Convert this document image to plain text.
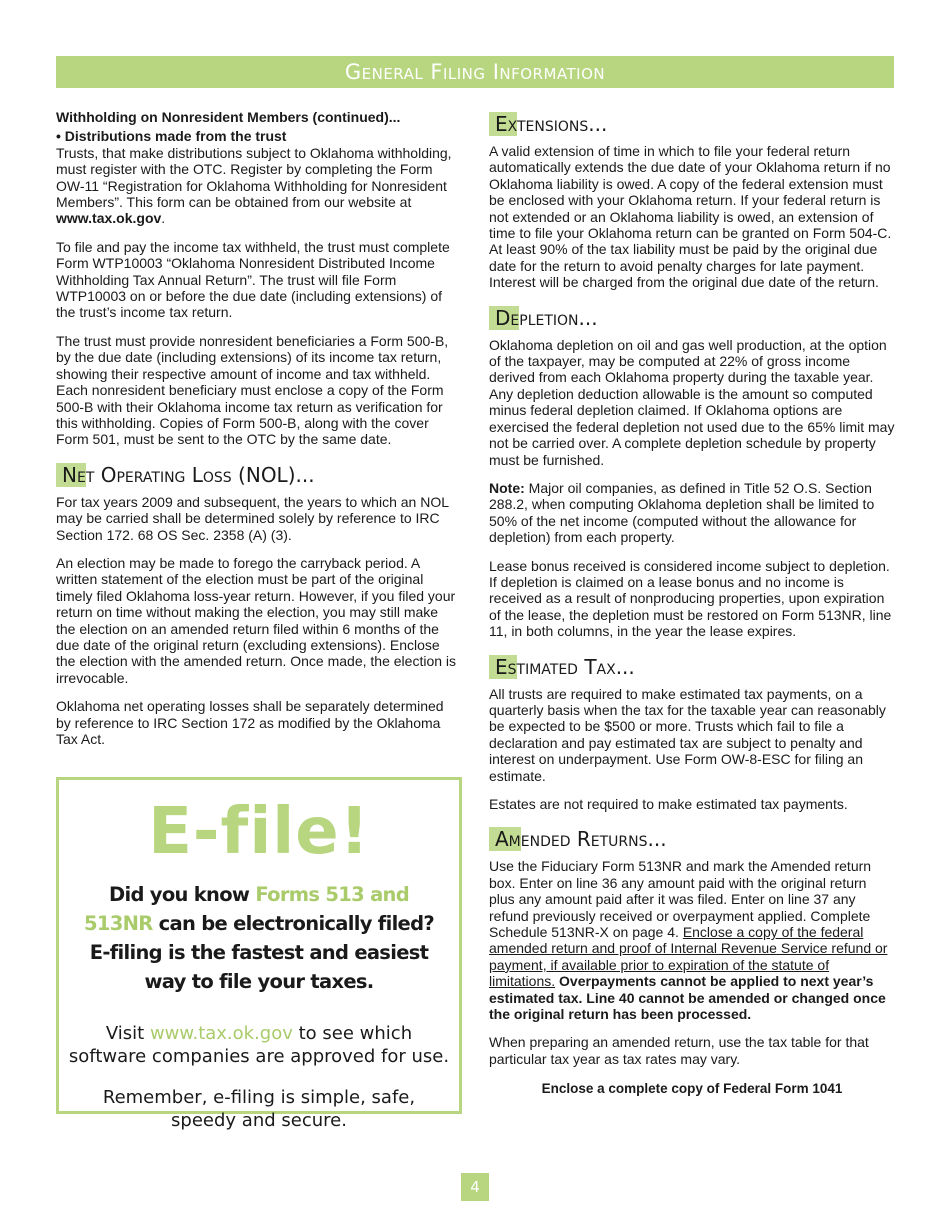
General Filing Information

Withholding on Nonresident Members (continued)...

• Distributions made from the trust

Trusts, that make distributions subject to Oklahoma withholding, must register with the OTC. Register by completing the Form OW-11 “Registration for Oklahoma Withholding for Nonresident Members”. This form can be obtained from our website at www.tax.ok.gov.

To file and pay the income tax withheld, the trust must complete Form WTP10003 “Oklahoma Nonresident Distributed Income Withholding Tax Annual Return”. The trust will file Form WTP10003 on or before the due date (including extensions) of the trust’s income tax return.

The trust must provide nonresident beneficiaries a Form 500-B, by the due date (including extensions) of its income tax return, showing their respective amount of income and tax withheld. Each nonresident beneficiary must enclose a copy of the Form 500-B with their Oklahoma income tax return as verification for this withholding. Copies of Form 500-B, along with the cover Form 501, must be sent to the OTC by the same date.

Net Operating Loss (NOL)...

For tax years 2009 and subsequent, the years to which an NOL may be carried shall be determined solely by reference to IRC Section 172. 68 OS Sec. 2358 (A) (3).

An election may be made to forego the carryback period. A written statement of the election must be part of the original timely filed Oklahoma loss-year return. However, if you filed your return on time without making the election, you may still make the election on an amended return filed within 6 months of the due date of the original return (excluding extensions). Enclose the election with the amended return. Once made, the election is irrevocable.

Oklahoma net operating losses shall be separately determined by reference to IRC Section 172 as modified by the Oklahoma Tax Act.

E-file!
Did you know Forms 513 and 513NR can be electronically filed? E-filing is the fastest and easiest way to file your taxes.
Visit www.tax.ok.gov to see which software companies are approved for use.
Remember, e-filing is simple, safe, speedy and secure.
Extensions...

A valid extension of time in which to file your federal return automatically extends the due date of your Oklahoma return if no Oklahoma liability is owed. A copy of the federal extension must be enclosed with your Oklahoma return. If your federal return is not extended or an Oklahoma liability is owed, an extension of time to file your Oklahoma return can be granted on Form 504-C. At least 90% of the tax liability must be paid by the original due date for the return to avoid penalty charges for late payment. Interest will be charged from the original due date of the return.

Depletion...

Oklahoma depletion on oil and gas well production, at the option of the taxpayer, may be computed at 22% of gross income derived from each Oklahoma property during the taxable year. Any depletion deduction allowable is the amount so computed minus federal depletion claimed. If Oklahoma options are exercised the federal depletion not used due to the 65% limit may not be carried over. A complete depletion schedule by property must be furnished.

Note: Major oil companies, as defined in Title 52 O.S. Section 288.2, when computing Oklahoma depletion shall be limited to 50% of the net income (computed without the allowance for depletion) from each property.

Lease bonus received is considered income subject to depletion. If depletion is claimed on a lease bonus and no income is received as a result of nonproducing properties, upon expiration of the lease, the depletion must be restored on Form 513NR, line 11, in both columns, in the year the lease expires.

Estimated Tax...

All trusts are required to make estimated tax payments, on a quarterly basis when the tax for the taxable year can reasonably be expected to be $500 or more. Trusts which fail to file a declaration and pay estimated tax are subject to penalty and interest on underpayment. Use Form OW-8-ESC for filing an estimate.

Estates are not required to make estimated tax payments.

Amended Returns...

Use the Fiduciary Form 513NR and mark the Amended return box. Enter on line 36 any amount paid with the original return plus any amount paid after it was filed. Enter on line 37 any refund previously received or overpayment applied. Complete Schedule 513NR-X on page 4. Enclose a copy of the federal amended return and proof of Internal Revenue Service refund or payment, if available prior to expiration of the statute of limitations. Overpayments cannot be applied to next year’s estimated tax. Line 40 cannot be amended or changed once the original return has been processed.

When preparing an amended return, use the tax table for that particular tax year as tax rates may vary.

Enclose a complete copy of Federal Form 1041
4
